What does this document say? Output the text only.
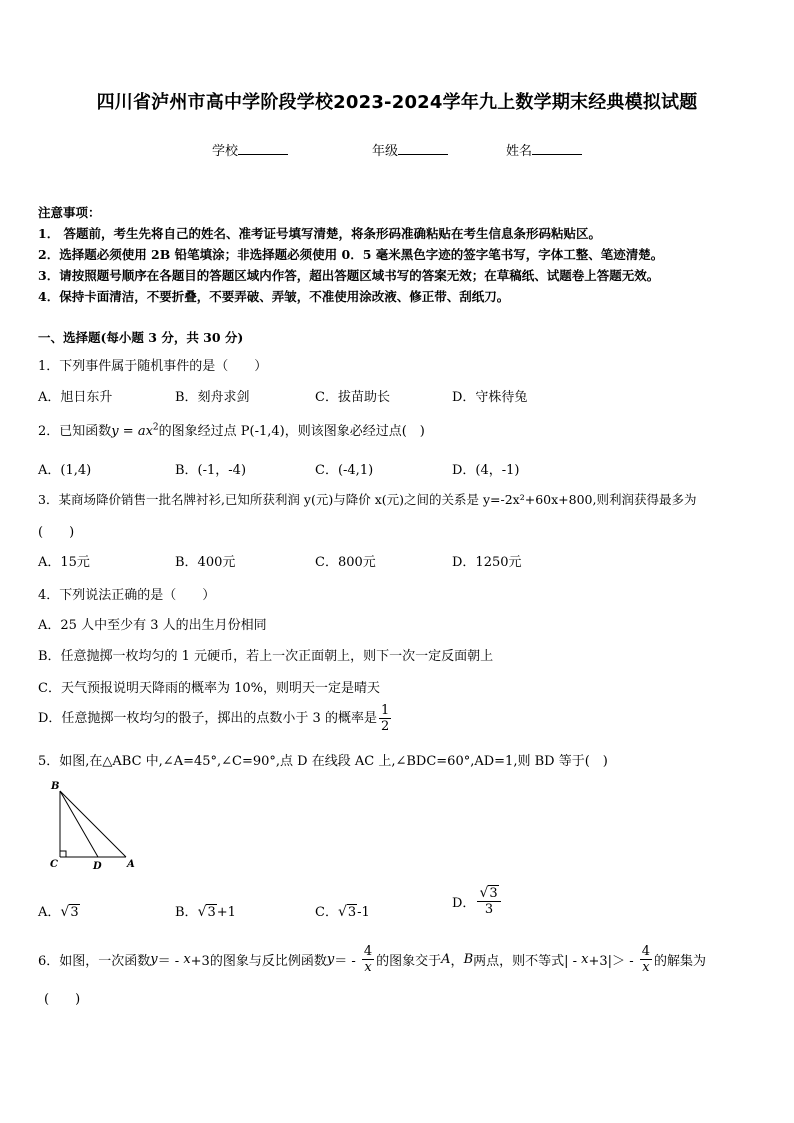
四川省泸州市高中学阶段学校2023-2024学年九上数学期末经典模拟试题
学校	年级	姓名
注意事项：
1． 答题前，考生先将自己的姓名、准考证号填写清楚，将条形码准确粘贴在考生信息条形码粘贴区。
2．选择题必须使用 2B 铅笔填涂；非选择题必须使用 0．5 毫米黑色字迹的签字笔书写，字体工整、笔迹清楚。
3．请按照题号顺序在各题目的答题区域内作答，超出答题区域书写的答案无效；在草稿纸、试题卷上答题无效。
4．保持卡面清洁，不要折叠，不要弄破、弄皱，不准使用涂改液、修正带、刮纸刀。
一、选择题(每小题 3 分，共 30 分)
1．下列事件属于随机事件的是（　　）
A．旭日东升	B．刻舟求剑	C．拔苗助长	D．守株待兔
2．已知函数$y = ax^2$的图象经过点 P(-1,4)，则该图象必经过点(　)
A．(1,4)	B．(-1，-4)	C．(-4,1)	D．(4，-1)
3．某商场降价销售一批名牌衬衫,已知所获利润 y(元)与降价 x(元)之间的关系是 y=-2x²+60x+800,则利润获得最多为
(　　)
A．15元	B．400元	C．800元	D．1250元
4．下列说法正确的是（　　）
A．25 人中至少有 3 人的出生月份相同
B．任意抛掷一枚均匀的 1 元硬币，若上一次正面朝上，则下一次一定反面朝上
C．天气预报说明天降雨的概率为 10%，则明天一定是晴天
D．任意抛掷一枚均匀的骰子，掷出的点数小于 3 的概率是 $\frac{1}{2}$
5．如图,在△ABC 中,∠A=45°,∠C=90°,点 D 在线段 AC 上,∠BDC=60°,AD=1,则 BD 等于(　)
B
C	D	A
A．√3	B．√3+1	C．√3-1
D． $\frac{√3}{3}$
6．如图，一次函数y＝ - x+3的图象与反比例函数$y= - \frac{4}{x}$ 的图象交于A，B两点，则不等式| - $x+3|> - \frac{4}{x}$ 的解集为
(　　)
